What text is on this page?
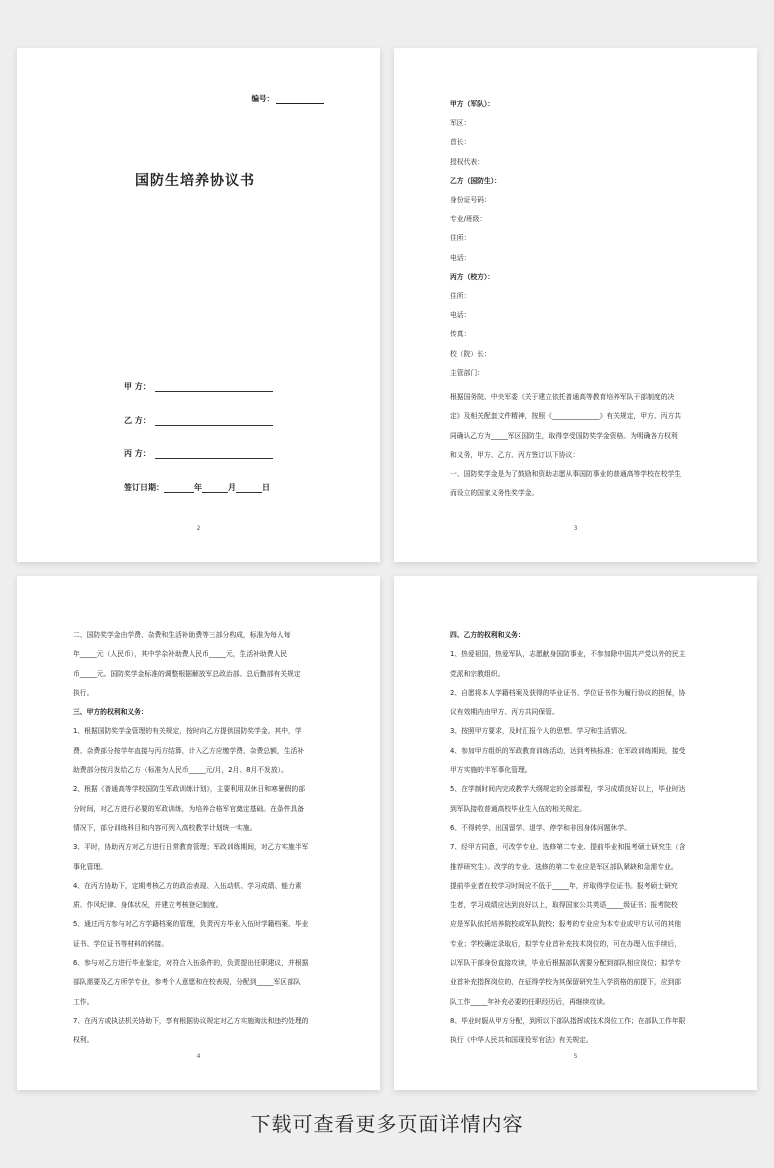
编号：
国防生培养协议书
甲 方：
乙 方：
丙 方：
签订日期：	年	月	日
2

甲方（军队）：

军区：

首长：

授权代表：

乙方（国防生）：

身份证号码：

专业/班级：

住所：

电话：

丙方（校方）：

住所：

电话：

传真：

校（院）长：

主管部门：

根据国务院、中央军委《关于建立依托普通高等教育培养军队干部制度的决

定》及相关配套文件精神，按照《______________》有关规定，甲方、丙方共

同确认乙方为_____军区国防生，取得享受国防奖学金资格。为明确各方权利

和义务，甲方、乙方、丙方签订以下协议：

一、国防奖学金是为了鼓励和资助志愿从事国防事业的普通高等学校在校学生

而设立的国家义务性奖学金。

3

二、国防奖学金由学费、杂费和生活补助费等三部分构成，标准为每人每

年_____元（人民币），其中学杂补助费人民币_____元，生活补助费人民

币_____元。国防奖学金标准的调整根据解放军总政治部、总后勤部有关规定

执行。

三、甲方的权利和义务：

1、根据国防奖学金管理的有关规定，按时向乙方提供国防奖学金。其中，学

费、杂费部分按学年直接与丙方结算，计入乙方应缴学费、杂费总额，生活补

助费部分按月发给乙方（标准为人民币_____元/月，2月、8月不发放）。

2、根据《普通高等学校国防生军政训练计划》，主要利用双休日和寒暑假的部

分时间，对乙方进行必要的军政训练，为培养合格军官奠定基础。在条件具备

情况下，部分训练科目和内容可列入高校教学计划统一实施。

3、平时，协助丙方对乙方进行日常教育管理；军政训练期间，对乙方实施半军

事化管理。

4、在丙方协助下，定期考核乙方的政治表现、入伍动机、学习成绩、能力素

质、作风纪律、身体状况，并建立考核登记制度。

5、通过丙方参与对乙方学籍档案的管理，负责丙方毕业入伍时学籍档案、毕业

证书、学位证书等材料的转接。

6、参与对乙方进行毕业鉴定，对符合入伍条件的，负责提出任职建议，并根据

部队需要及乙方所学专业，参考个人意愿和在校表现，分配到_____军区部队

工作。

7、在丙方或执法机关协助下，享有根据协议规定对乙方实施淘汰和违约处理的

权利。

4

四、乙方的权利和义务：

1、热爱祖国，热爱军队，志愿献身国防事业，不参加除中国共产党以外的民主

党派和宗教组织。

2、自愿将本人学籍档案及获得的毕业证书、学位证书作为履行协议的担保，协

议有效期内由甲方、丙方共同保管。

3、按照甲方要求，及时汇报个人的思想、学习和生活情况。

4、参加甲方组织的军政教育训练活动，达到考核标准；在军政训练期间，接受

甲方实施的半军事化管理。

5、在学制时间内完成教学大纲规定的全部课程，学习成绩良好以上，毕业时达

到军队接收普通高校毕业生入伍的相关规定。

6、不得转学、出国留学、退学、停学和非因身体问题休学。

7、经甲方同意，可改学专业、选修第二专业、提前毕业和报考硕士研究生（含

推荐研究生）。改学的专业、选修的第二专业应是军区部队紧缺和急需专业。

提前毕业者在校学习时间应不低于_____年，并取得学位证书。报考硕士研究

生者，学习成绩应达到良好以上，取得国家公共英语_____级证书；报考院校

应是军队依托培养院校或军队院校；报考的专业应为本专业或甲方认可的其他

专业；学校确定录取后，拟学专业首补充技术岗位的，可在办理入伍手续后，

以军队干部身份直接攻读，毕业后根据部队需要分配到部队相应岗位；拟学专

业首补充指挥岗位的，在征得学校为其保留研究生入学资格的前提下，应到部

队工作_____年补充必要的任职经历后，再继续攻读。

8、毕业时服从甲方分配，到所以下部队指挥或技术岗位工作；在部队工作年限

执行《中华人民共和国现役军官法》有关规定。

5
下载可查看更多页面详情内容
